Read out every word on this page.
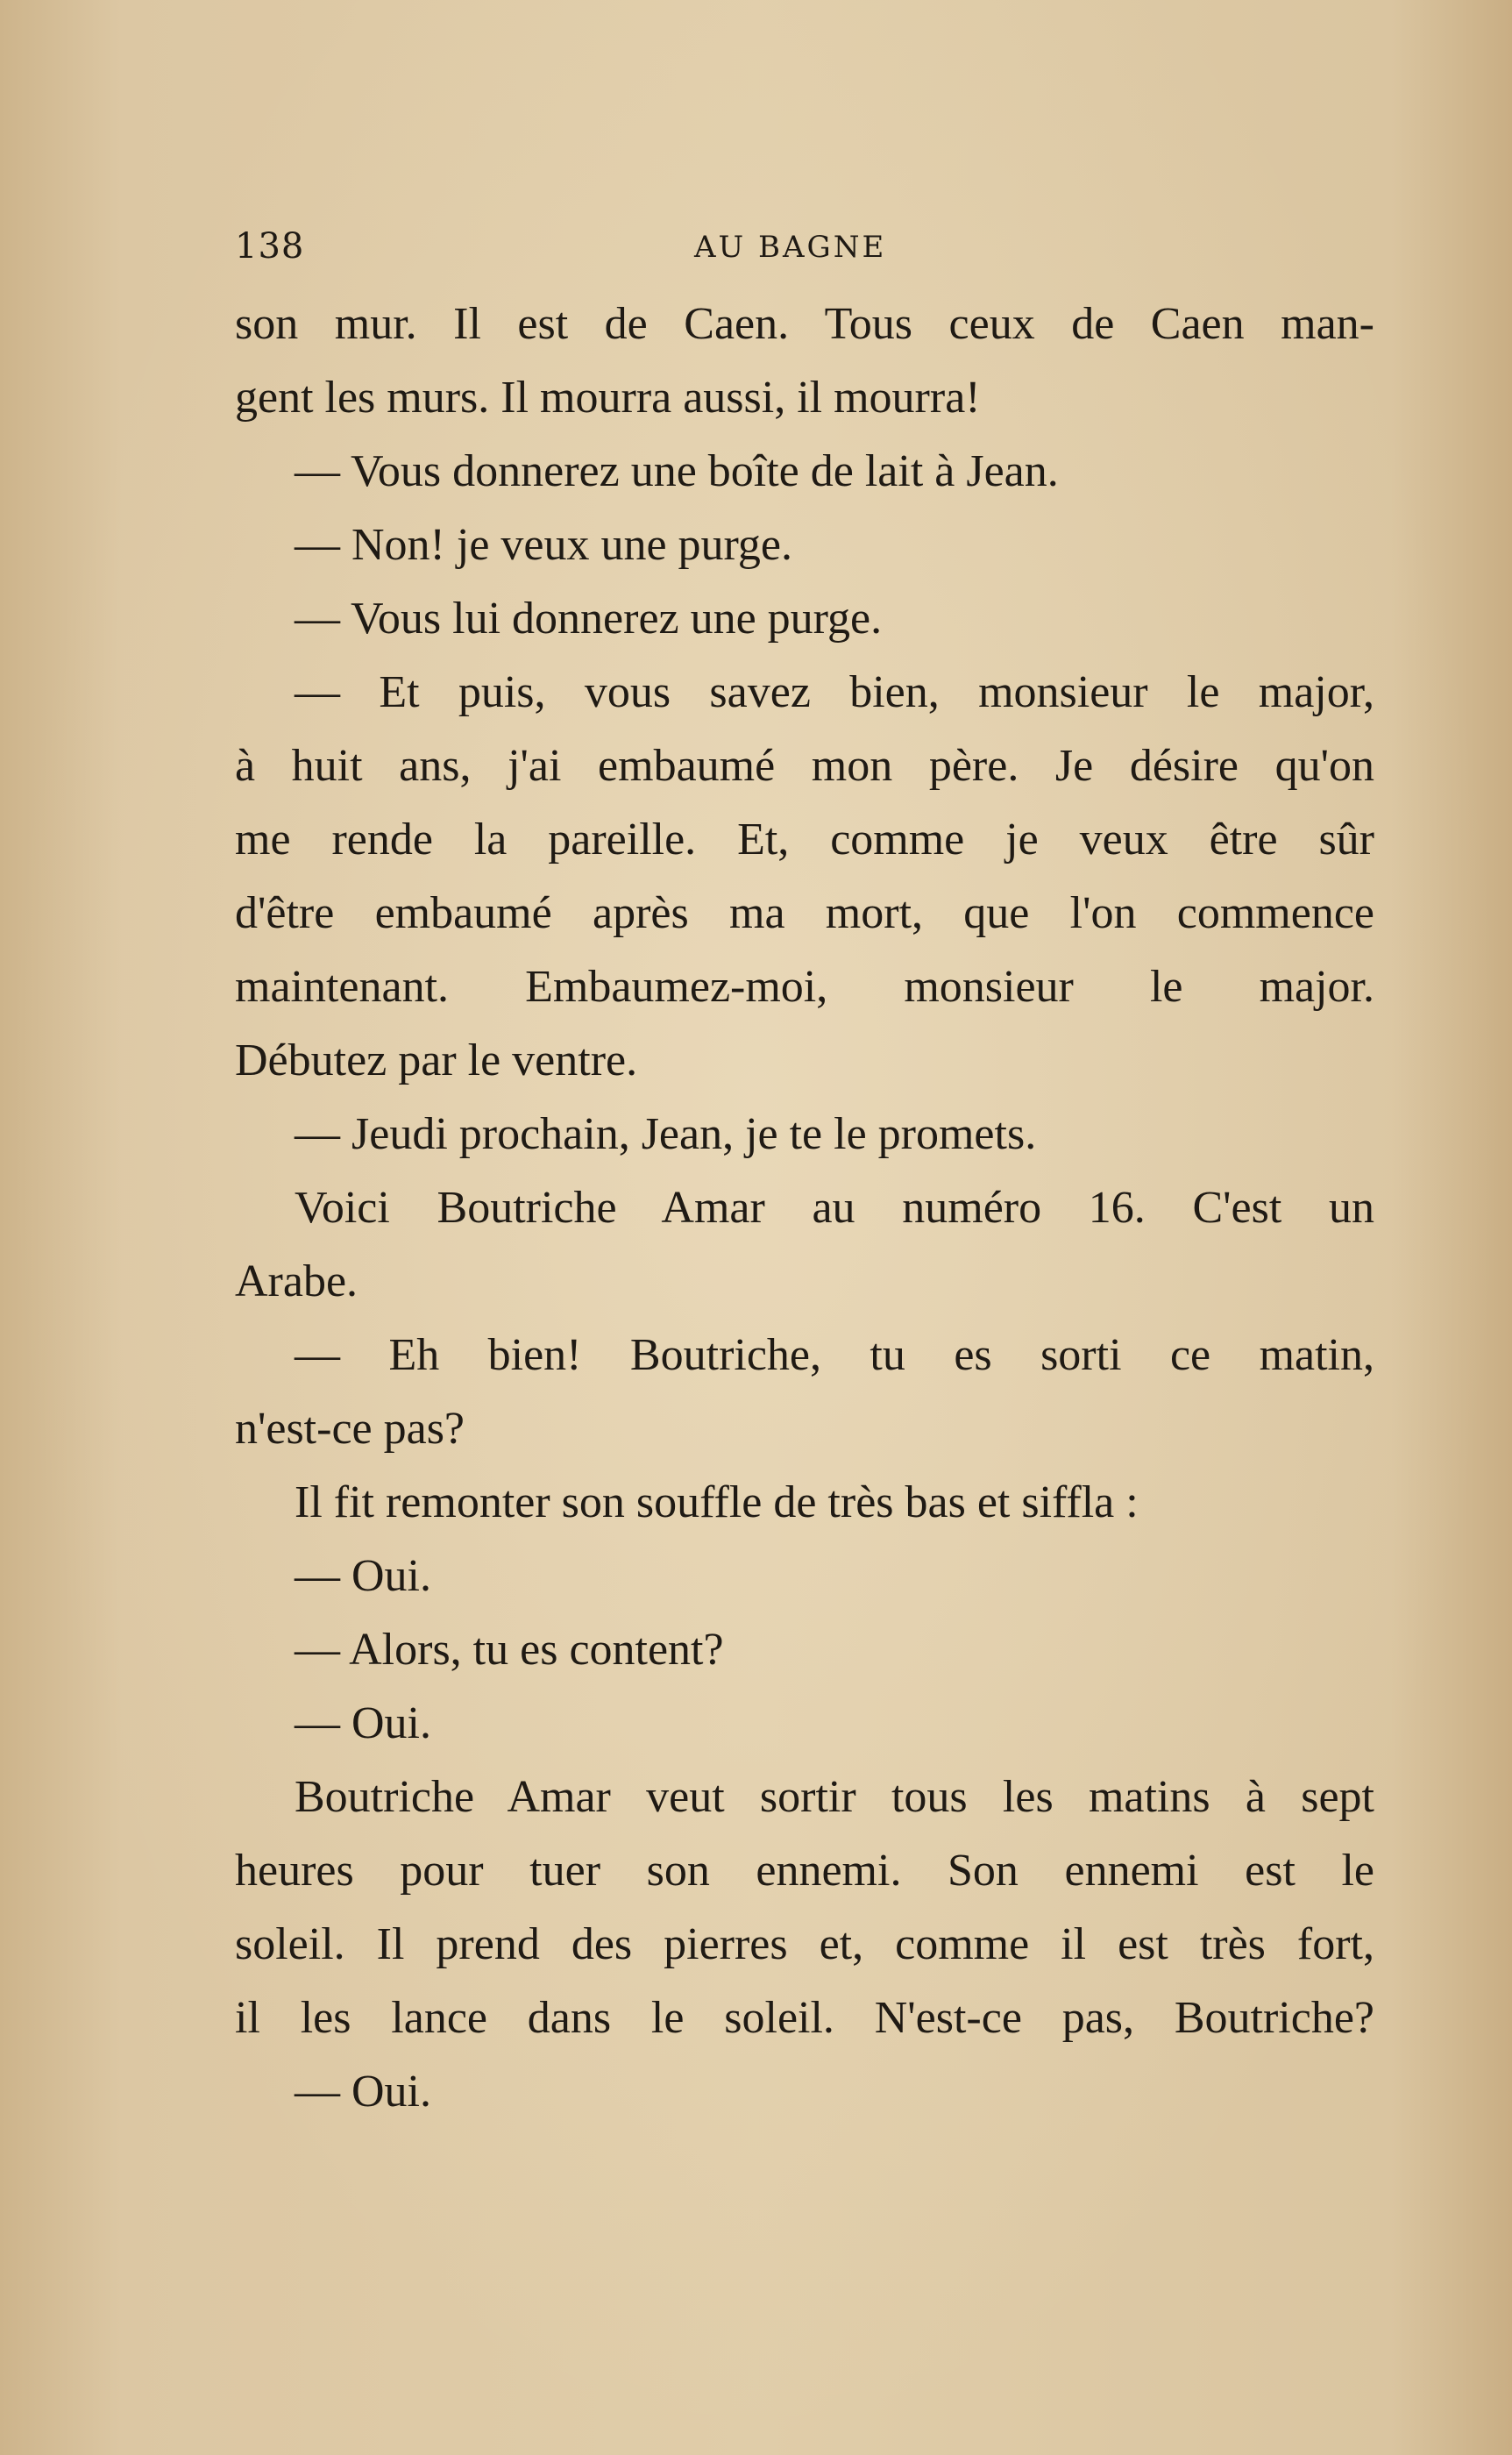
138	AU BAGNE
son mur. Il est de Caen. Tous ceux de Caen man-
gent les murs. Il mourra aussi, il mourra!
— Vous donnerez une boîte de lait à Jean.
— Non! je veux une purge.
— Vous lui donnerez une purge.
— Et puis, vous savez bien, monsieur le major,
à huit ans, j'ai embaumé mon père. Je désire qu'on
me rende la pareille. Et, comme je veux être sûr
d'être embaumé après ma mort, que l'on commence
maintenant. Embaumez-moi, monsieur le major.
Débutez par le ventre.
— Jeudi prochain, Jean, je te le promets.
Voici Boutriche Amar au numéro 16. C'est un
Arabe.
— Eh bien! Boutriche, tu es sorti ce matin,
n'est-ce pas?
Il fit remonter son souffle de très bas et siffla :
— Oui.
— Alors, tu es content?
— Oui.
Boutriche Amar veut sortir tous les matins à sept
heures pour tuer son ennemi. Son ennemi est le
soleil. Il prend des pierres et, comme il est très fort,
il les lance dans le soleil. N'est-ce pas, Boutriche?
— Oui.
